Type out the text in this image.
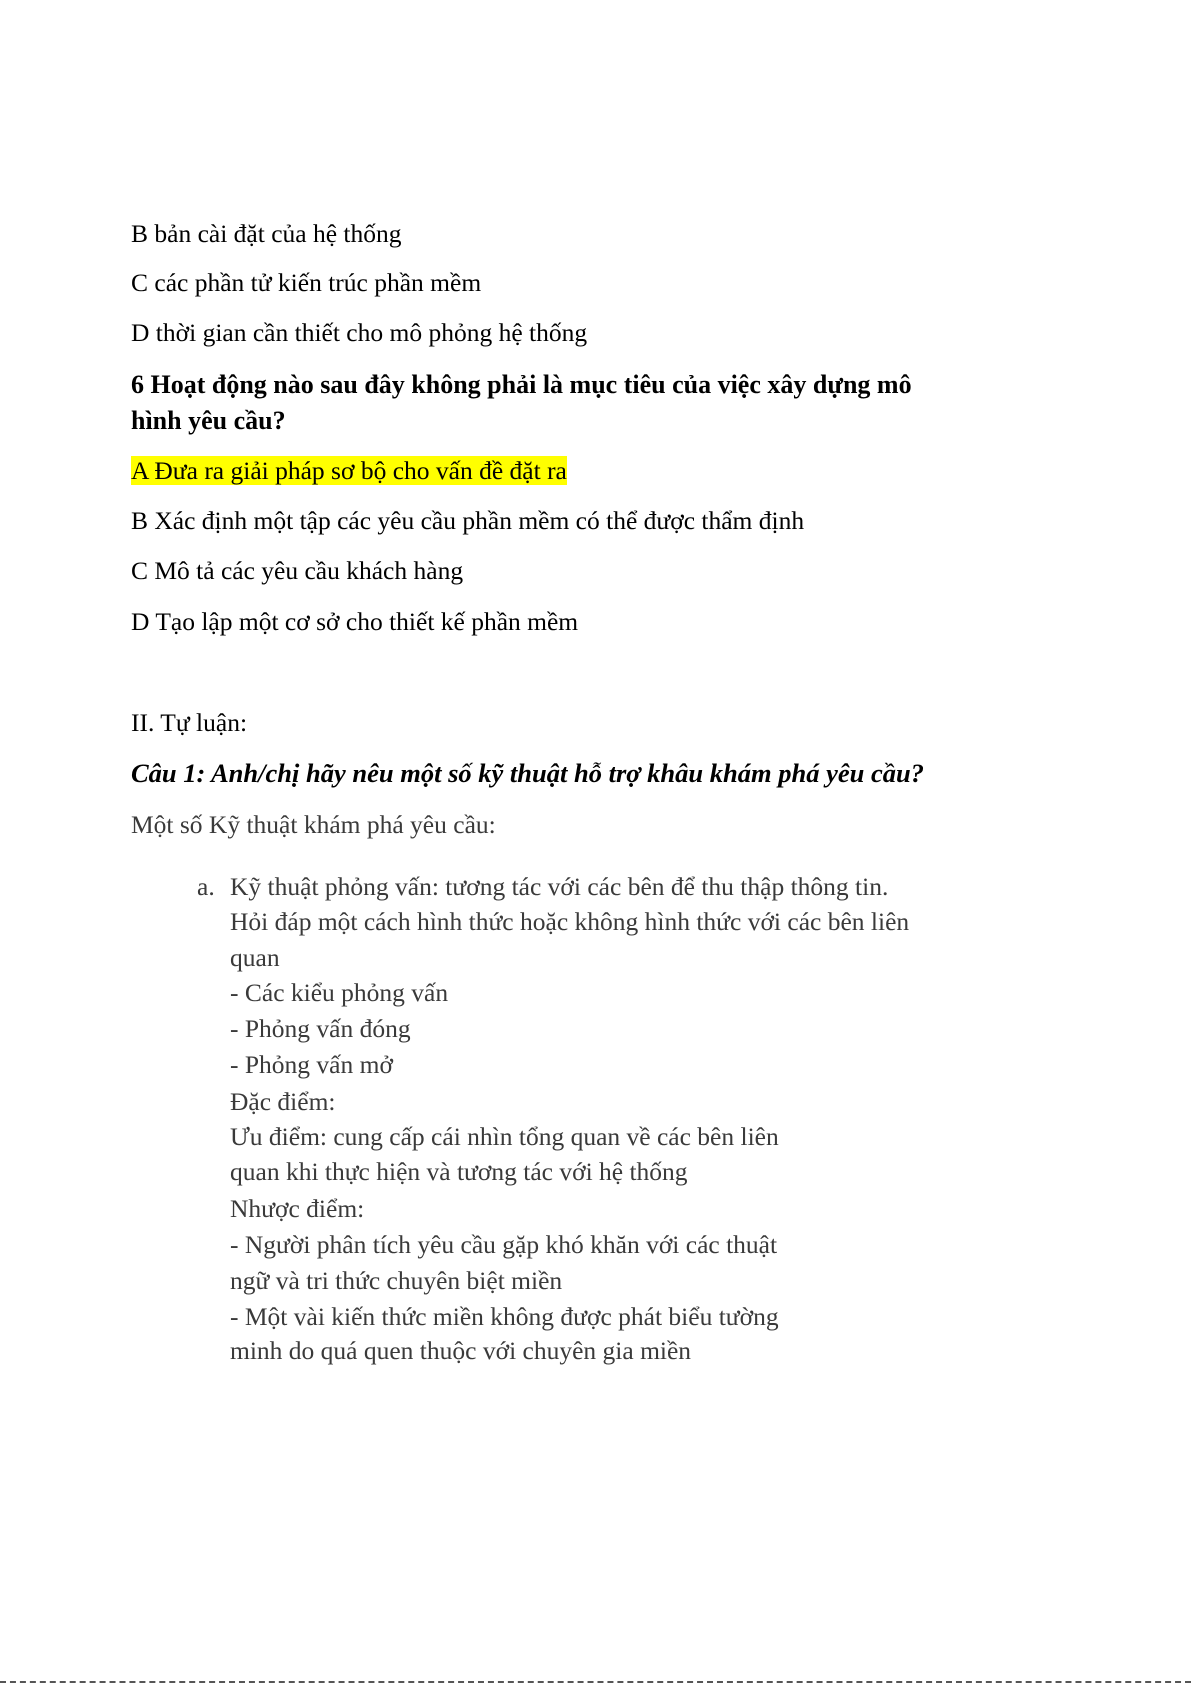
B bản cài đặt của hệ thống
C các phần tử kiến trúc phần mềm
D thời gian cần thiết cho mô phỏng hệ thống
6 Hoạt động nào sau đây không phải là mục tiêu của việc xây dựng mô
hình yêu cầu?
A Đưa ra giải pháp sơ bộ cho vấn đề đặt ra
B Xác định một tập các yêu cầu phần mềm có thể được thẩm định
C Mô tả các yêu cầu khách hàng
D Tạo lập một cơ sở cho thiết kế phần mềm
II. Tự luận:
Câu 1: Anh/chị hãy nêu một số kỹ thuật hỗ trợ khâu khám phá yêu cầu?
Một số Kỹ thuật khám phá yêu cầu:
a. Kỹ thuật phỏng vấn: tương tác với các bên để thu thập thông tin.
Hỏi đáp một cách hình thức hoặc không hình thức với các bên liên
quan
- Các kiểu phỏng vấn
- Phỏng vấn đóng
- Phỏng vấn mở
Đặc điểm:
Ưu điểm: cung cấp cái nhìn tổng quan về các bên liên
quan khi thực hiện và tương tác với hệ thống
Nhược điểm:
- Người phân tích yêu cầu gặp khó khăn với các thuật
ngữ và tri thức chuyên biệt miền
- Một vài kiến thức miền không được phát biểu tường
minh do quá quen thuộc với chuyên gia miền
